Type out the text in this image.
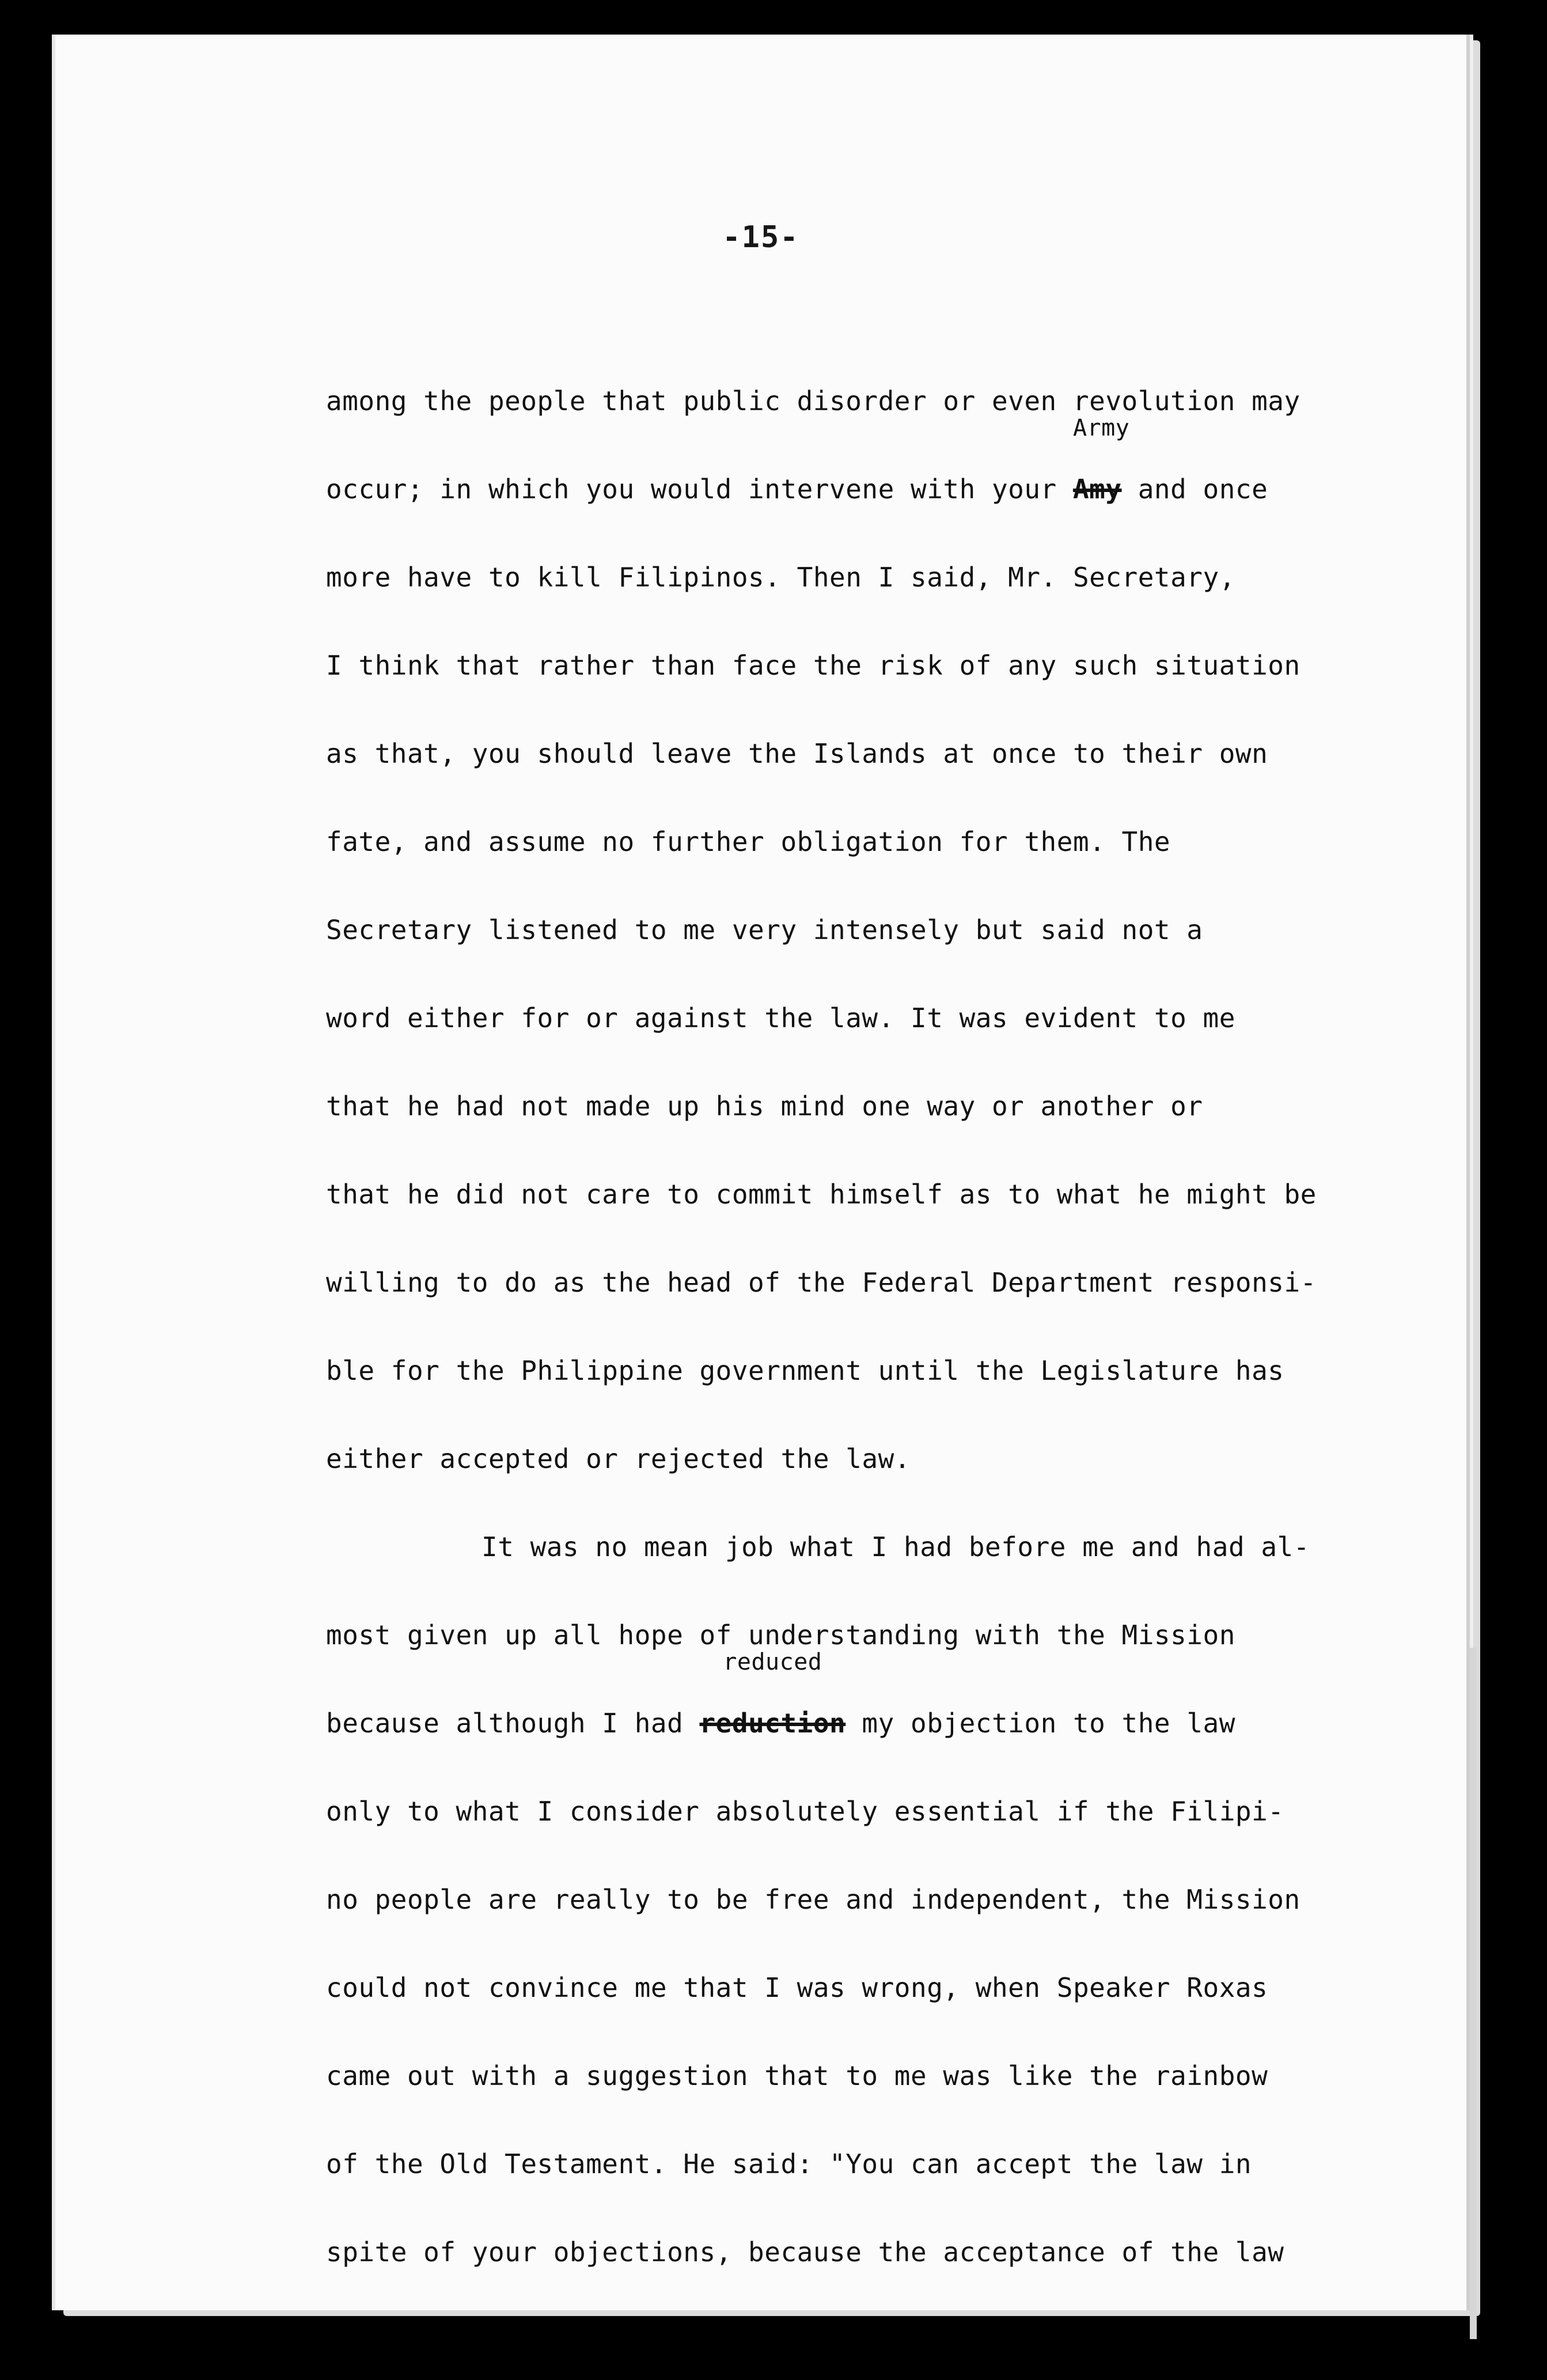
-15-
among the people that public disorder or even revolution may
occur; in which you would intervene with your
Army
Amy and once
more have to kill Filipinos. Then I said, Mr. Secretary,
I think that rather than face the risk of any such situation
as that, you should leave the Islands at once to their own
fate, and assume no further obligation for them. The
Secretary listened to me very intensely but said not a
word either for or against the law. It was evident to me
that he had not made up his mind one way or another or
that he did not care to commit himself as to what he might be
willing to do as the head of the Federal Department responsi-
ble for the Philippine government until the Legislature has
either accepted or rejected the law.
It was no mean job what I had before me and had al-
most given up all hope of understanding with the Mission
because although I had
reduced
reduction my objection to the law
only to what I consider absolutely essential if the Filipi-
no people are really to be free and independent, the Mission
could not convince me that I was wrong, when Speaker Roxas
came out with a suggestion that to me was like the rainbow
of the Old Testament. He said: "You can accept the law in
spite of your objections, because the acceptance of the law
